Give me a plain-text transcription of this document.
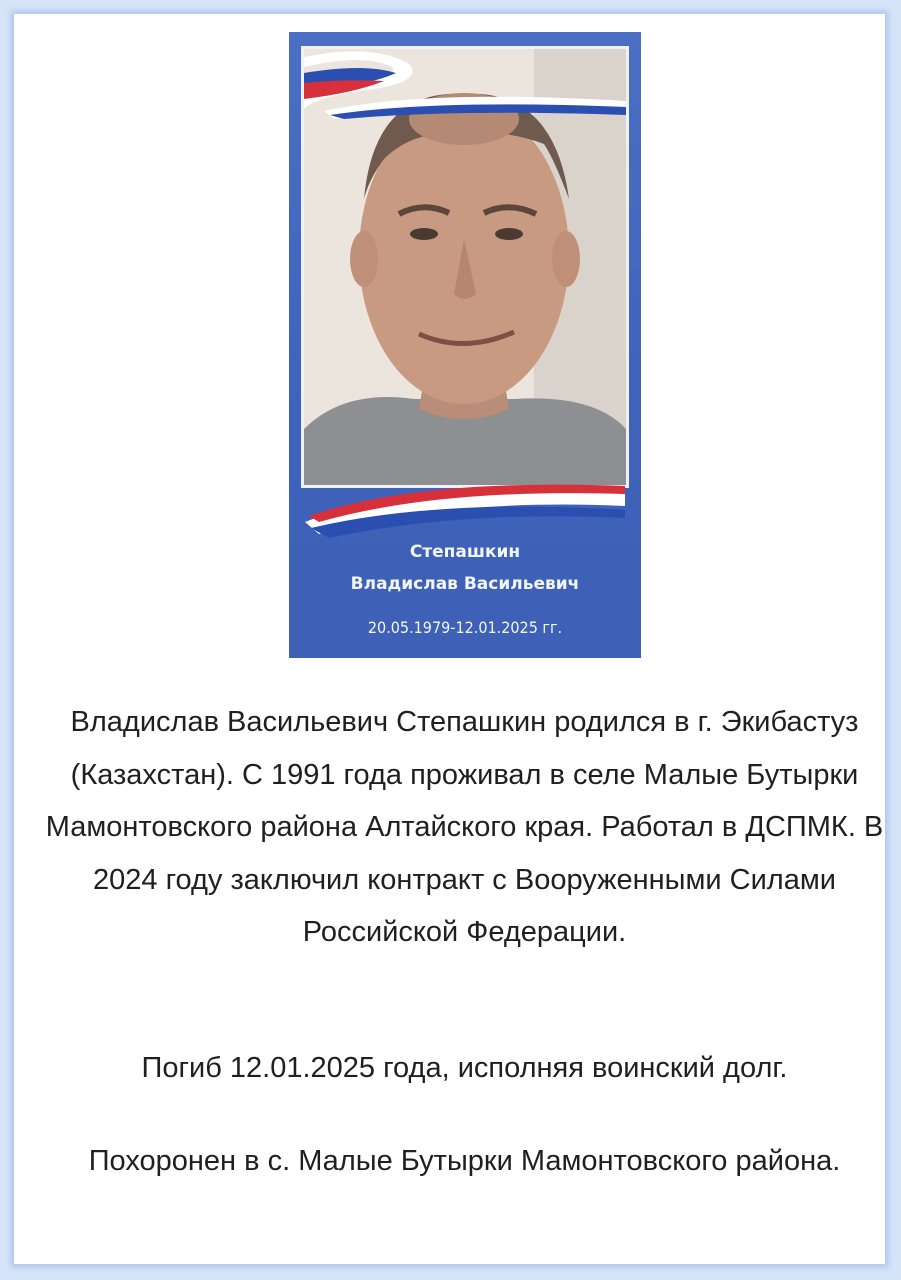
Степашкин
Владислав Васильевич
20.05.1979-12.01.2025 гг.

Владислав Васильевич Степашкин родился в г. Экибастуз (Казахстан). С 1991 года проживал в селе Малые Бутырки Мамонтовского района Алтайского края. Работал в ДСПМК. В 2024 году заключил контракт с Вооруженными Силами Российской Федерации.

Погиб 12.01.2025 года, исполняя воинский долг.

Похоронен в с. Малые Бутырки Мамонтовского района.
